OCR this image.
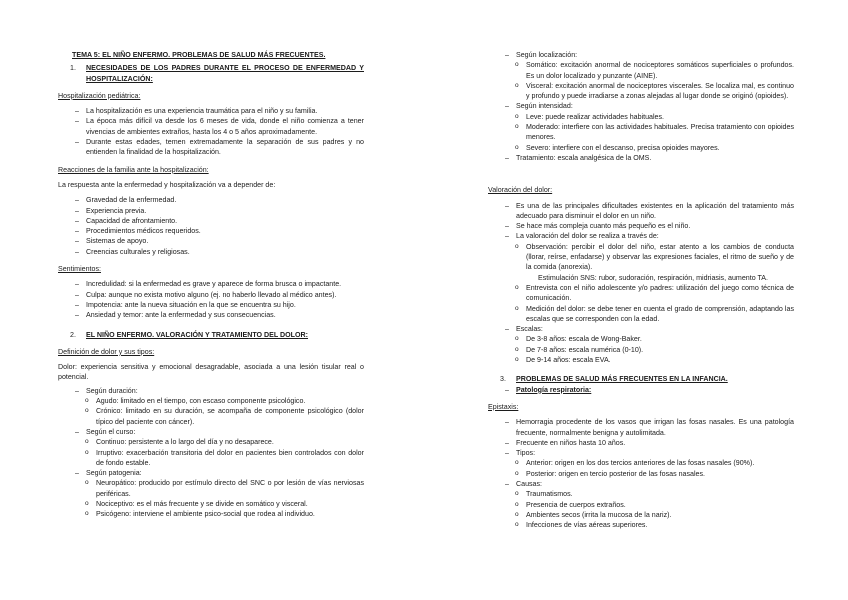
TEMA 5: EL NIÑO ENFERMO. PROBLEMAS DE SALUD MÁS FRECUENTES.

1.	NECESIDADES DE LOS PADRES DURANTE EL PROCESO DE ENFERMEDAD Y HOSPITALIZACIÓN:

Hospitalización pediátrica:

– La hospitalización es una experiencia traumática para el niño y su familia.
– La época más difícil va desde los 6 meses de vida, donde el niño comienza a tener vivencias de ambientes extraños, hasta los 4 o 5 años aproximadamente.
– Durante estas edades, temen extremadamente la separación de sus padres y no entienden la finalidad de la hospitalización.

Reacciones de la familia ante la hospitalización:

La respuesta ante la enfermedad y hospitalización va a depender de:

– Gravedad de la enfermedad.
– Experiencia previa.
– Capacidad de afrontamiento.
– Procedimientos médicos requeridos.
– Sistemas de apoyo.
– Creencias culturales y religiosas.

Sentimientos:

– Incredulidad: si la enfermedad es grave y aparece de forma brusca o impactante.
– Culpa: aunque no exista motivo alguno (ej. no haberlo llevado al médico antes).
– Impotencia: ante la nueva situación en la que se encuentra su hijo.
– Ansiedad y temor: ante la enfermedad y sus consecuencias.
2.	EL NIÑO ENFERMO. VALORACIÓN Y TRATAMIENTO DEL DOLOR:

Definición de dolor y sus tipos:

Dolor: experiencia sensitiva y emocional desagradable, asociada a una lesión tisular real o potencial.

– Según duración:
o Agudo: limitado en el tiempo, con escaso componente psicológico.
o Crónico: limitado en su duración, se acompaña de componente psicológico (dolor típico del paciente con cáncer).
– Según el curso:
o Continuo: persistente a lo largo del día y no desaparece.
o Irruptivo: exacerbación transitoria del dolor en pacientes bien controlados con dolor de fondo estable.
– Según patogenia:
o Neuropático: producido por estímulo directo del SNC o por lesión de vías nerviosas periféricas.
o Nociceptivo: es el más frecuente y se divide en somático y visceral.
o Psicógeno: interviene el ambiente psico-social que rodea al individuo.
– Según localización:
o Somático: excitación anormal de nociceptores somáticos superficiales o profundos. Es un dolor localizado y punzante (AINE).
o Visceral: excitación anormal de nociceptores viscerales. Se localiza mal, es continuo y profundo y puede irradiarse a zonas alejadas al lugar donde se originó (opioides).
– Según intensidad:
o Leve: puede realizar actividades habituales.
o Moderado: interfiere con las actividades habituales. Precisa tratamiento con opioides menores.
o Severo: interfiere con el descanso, precisa opioides mayores.
– Tratamiento: escala analgésica de la OMS.

Valoración del dolor:

– Es una de las principales dificultades existentes en la aplicación del tratamiento más adecuado para disminuir el dolor en un niño.
– Se hace más compleja cuanto más pequeño es el niño.
– La valoración del dolor se realiza a través de:
o Observación: percibir el dolor del niño, estar atento a los cambios de conducta (llorar, reírse, enfadarse) y observar las expresiones faciales, el ritmo de sueño y de la comida (anorexia).
Estimulación SNS: rubor, sudoración, respiración, midriasis, aumento TA.
o Entrevista con el niño adolescente y/o padres: utilización del juego como técnica de comunicación.
o Medición del dolor: se debe tener en cuenta el grado de comprensión, adaptando las escalas que se corresponden con la edad.
– Escalas:
o De 3-8 años: escala de Wong-Baker.
o De 7-8 años: escala numérica (0-10).
o De 9-14 años: escala EVA.
3.	PROBLEMAS DE SALUD MÁS FRECUENTES EN LA INFANCIA.
– Patología respiratoria:

Epistaxis:

– Hemorragia procedente de los vasos que irrigan las fosas nasales. Es una patología frecuente, normalmente benigna y autolimitada.
– Frecuente en niños hasta 10 años.
– Tipos:
o Anterior: origen en los dos tercios anteriores de las fosas nasales (90%).
o Posterior: origen en tercio posterior de las fosas nasales.
– Causas:
o Traumatismos.
o Presencia de cuerpos extraños.
o Ambientes secos (irrita la mucosa de la nariz).
o Infecciones de vías aéreas superiores.
